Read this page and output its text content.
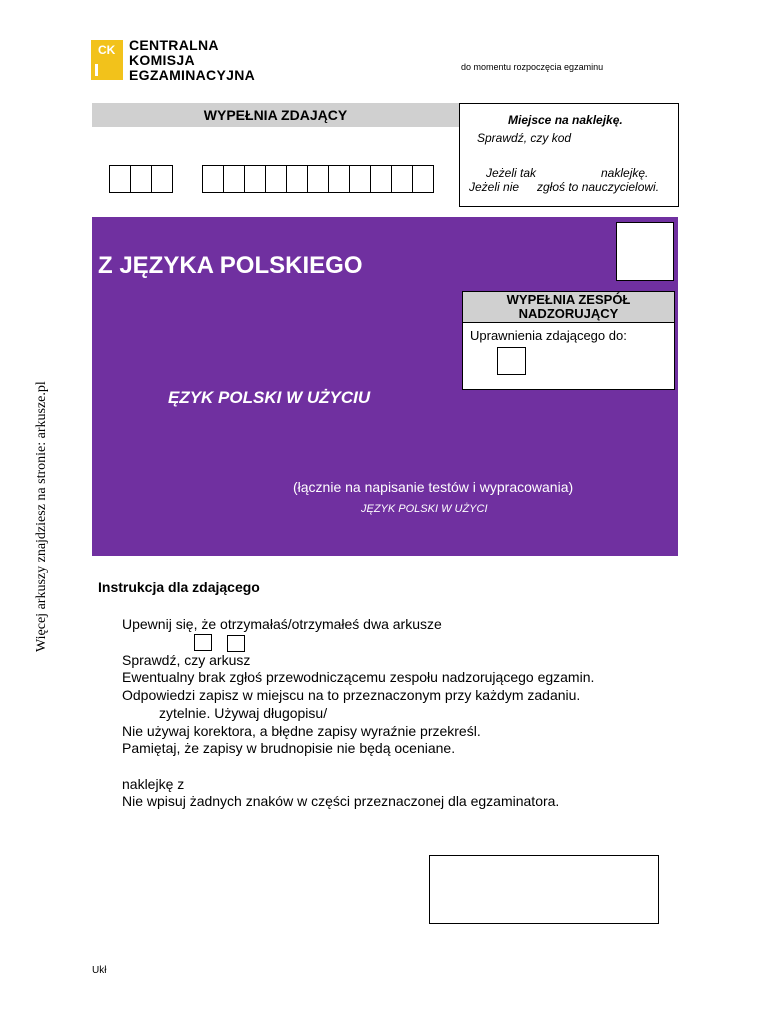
CK CENTRALNA
KOMISJA
EGZAMINACYJNA	do momentu rozpoczęcia egzaminu
WYPEŁNIA ZDAJĄCY	Miejsce na naklejkę.
Sprawdź, czy kod
Jeżeli tak	naklejkę.
Jeżeli nie zgłoś to nauczycielowi.
Z JĘZYKA POLSKIEGO
WYPEŁNIA ZESPÓŁ NADZORUJĄCY
Uprawnienia zdającego do:
ĘZYK POLSKI W UŻYCIU
(łącznie na napisanie testów i wypracowania)
JĘZYK POLSKI W UŻYCI
Więcej arkuszy znajdziesz na stronie: arkusze.pl	Instrukcja dla zdającego
Upewnij się, że otrzymałaś/otrzymałeś dwa arkusze
Sprawdź, czy arkusz
Ewentualny brak zgłoś przewodniczącemu zespołu nadzorującego egzamin.
Odpowiedzi zapisz w miejscu na to przeznaczonym przy każdym zadaniu.
zytelnie. Używaj długopisu/
Nie używaj korektora, a błędne zapisy wyraźnie przekreśl.
Pamiętaj, że zapisy w brudnopisie nie będą oceniane.
naklejkę z
Nie wpisuj żadnych znaków w części przeznaczonej dla egzaminatora.
Ukł
